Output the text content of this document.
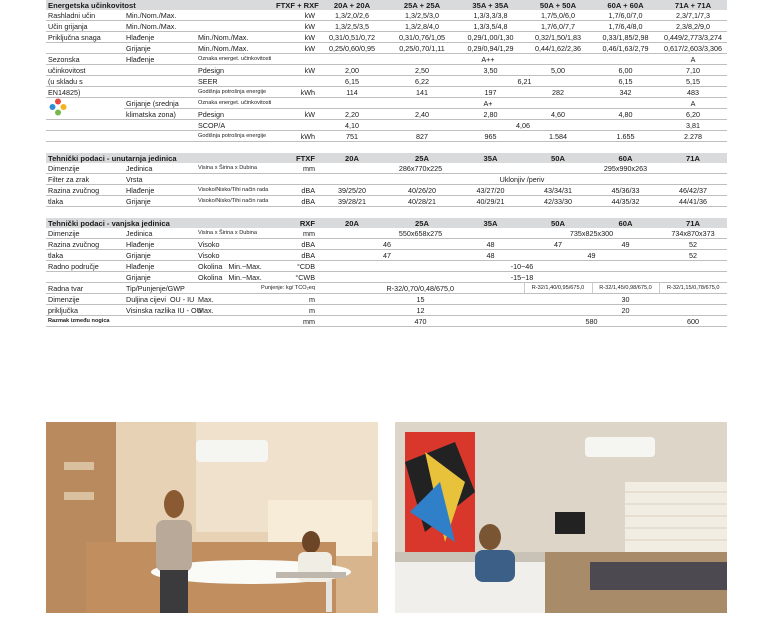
Energetska učinkovitost			FTXF + RXF	20A + 20A	25A + 25A	35A + 35A	50A + 50A	60A + 60A	71A + 71A
Rashladni učin	Min./Nom./Max.		kW	1,3/2,0/2,6	1,3/2,5/3,0	1,3/3,3/3,8	1,7/5,0/6,0	1,7/6,0/7,0	2,3/7,1/7,3
Učin grijanja	Min./Nom./Max.		kW	1,3/2,5/3,5	1,3/2,8/4,0	1,3/3,5/4,8	1,7/6,0/7,7	1,7/6,4/8,0	2,3/8,2/9,0
Priključna snaga	Hlađenje	Min./Nom./Max.	kW	0,31/0,51/0,72	0,31/0,76/1,05	0,29/1,00/1,30	0,32/1,50/1,83	0,33/1,85/2,98	0,449/2,773/3,274
	Grijanje	Min./Nom./Max.	kW	0,25/0,60/0,95	0,25/0,70/1,11	0,29/0,94/1,29	0,44/1,62/2,36	0,46/1,63/2,79	0,617/2,603/3,306
Sezonska	Hlađenje	Oznaka energet. učinkovitosti		A++					A
učinkovitost		Pdesign	kW	2,00	2,50	3,50	5,00	6,00	7,10
(u skladu s		SEER		6,15	6,22	6,21		6,15	5,15
EN14825)		Godišnja potrošnja energije	kWh	114	141	197	282	342	483

	Grijanje (srednja	Oznaka energet. učinkovitosti		A+					A
	klimatska zona)	Pdesign	kW	2,20	2,40	2,80	4,60	4,80	6,20
		SCOP/A		4,10	4,06				3,81
		Godišnja potrošnja energije	kWh	751	827	965	1.584	1.655	2.278
Tehnički podaci - unutarnja jedinica			FTXF	20A	25A	35A	50A	60A	71A
Dimenzije	Jedinica	Visina x Širina x Dubina	mm	286x770x225			295x990x263		
Filter za zrak	Vrsta			Uklonjiv /periv					
Razina zvučnog	Hlađenje	Visoko/Nisko/Tihi način rada	dBA	39/25/20	40/26/20	43/27/20	43/34/31	45/36/33	46/42/37
tlaka	Grijanje	Visoko/Nisko/Tihi način rada	dBA	39/28/21	40/28/21	40/29/21	42/33/30	44/35/32	44/41/36
Tehnički podaci - vanjska jedinica			RXF	20A	25A	35A	50A	60A	71A
Dimenzije	Jedinica	Visina x Širina x Dubina	mm	550x658x275			735x825x300		734x870x373
Razina zvučnog	Hlađenje	Visoko	dBA	46		48	47	49	52
tlaka	Grijanje	Visoko	dBA	47		48	49		52
Radno područje	Hlađenje	Okolina Min.~Max.	°CDB	-10~46					
	Grijanje	Okolina Min.~Max.	°CWB	-15~18					
Radna tvar	Tip/Punjenje/GWP	Punjenje: kg/ TCO₂eq		R-32/0,70/0,48/675,0			R-32/1,40/0,95/675,0	R-32/1,45/0,98/675,0	R-32/1,15/0,78/675,0
Dimenzije	Duljina cijevi OU - IU	Max.	m	15			30		
priključka	Visinska razlika IU - OU	Max.	m	12			20		
Razmak između nogica			mm	470			580		600
